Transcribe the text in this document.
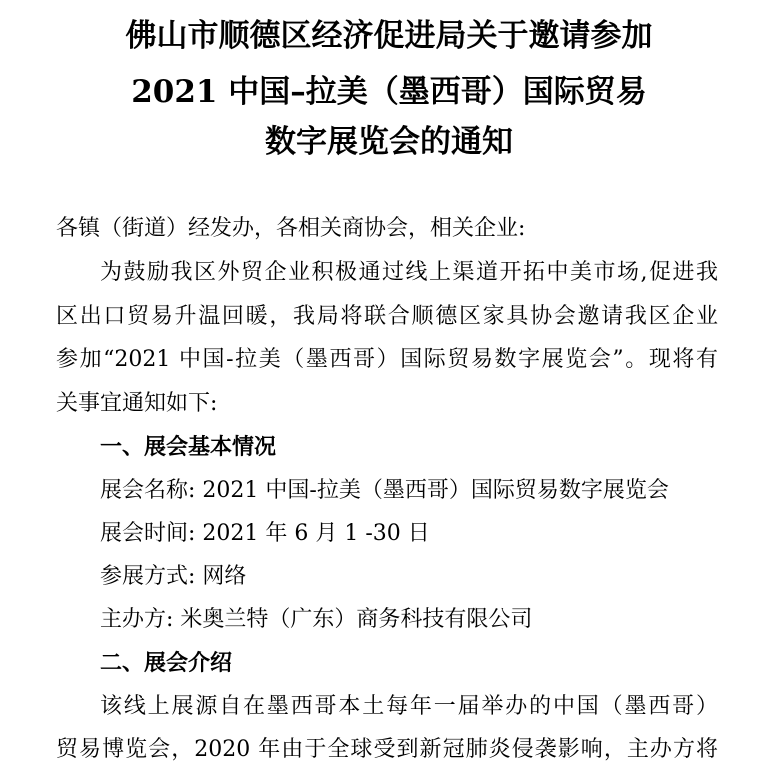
佛山市顺德区经济促进局关于邀请参加
2021 中国–拉美（墨西哥）国际贸易
数字展览会的通知
各镇（街道）经发办，各相关商协会，相关企业:
为鼓励我区外贸企业积极通过线上渠道开拓中美市场,促进我
区出口贸易升温回暖，我局将联合顺德区家具协会邀请我区企业
参加“2021 中国-拉美（墨西哥）国际贸易数字展览会”。现将有
关事宜通知如下:
一、展会基本情况
展会名称: 2021 中国-拉美（墨西哥）国际贸易数字展览会
展会时间: 2021 年 6 月 1 -30 日
参展方式: 网络
主办方: 米奥兰特（广东）商务科技有限公司
二、展会介绍
该线上展源自在墨西哥本土每年一届举办的中国（墨西哥）
贸易博览会，2020 年由于全球受到新冠肺炎侵袭影响，主办方将
